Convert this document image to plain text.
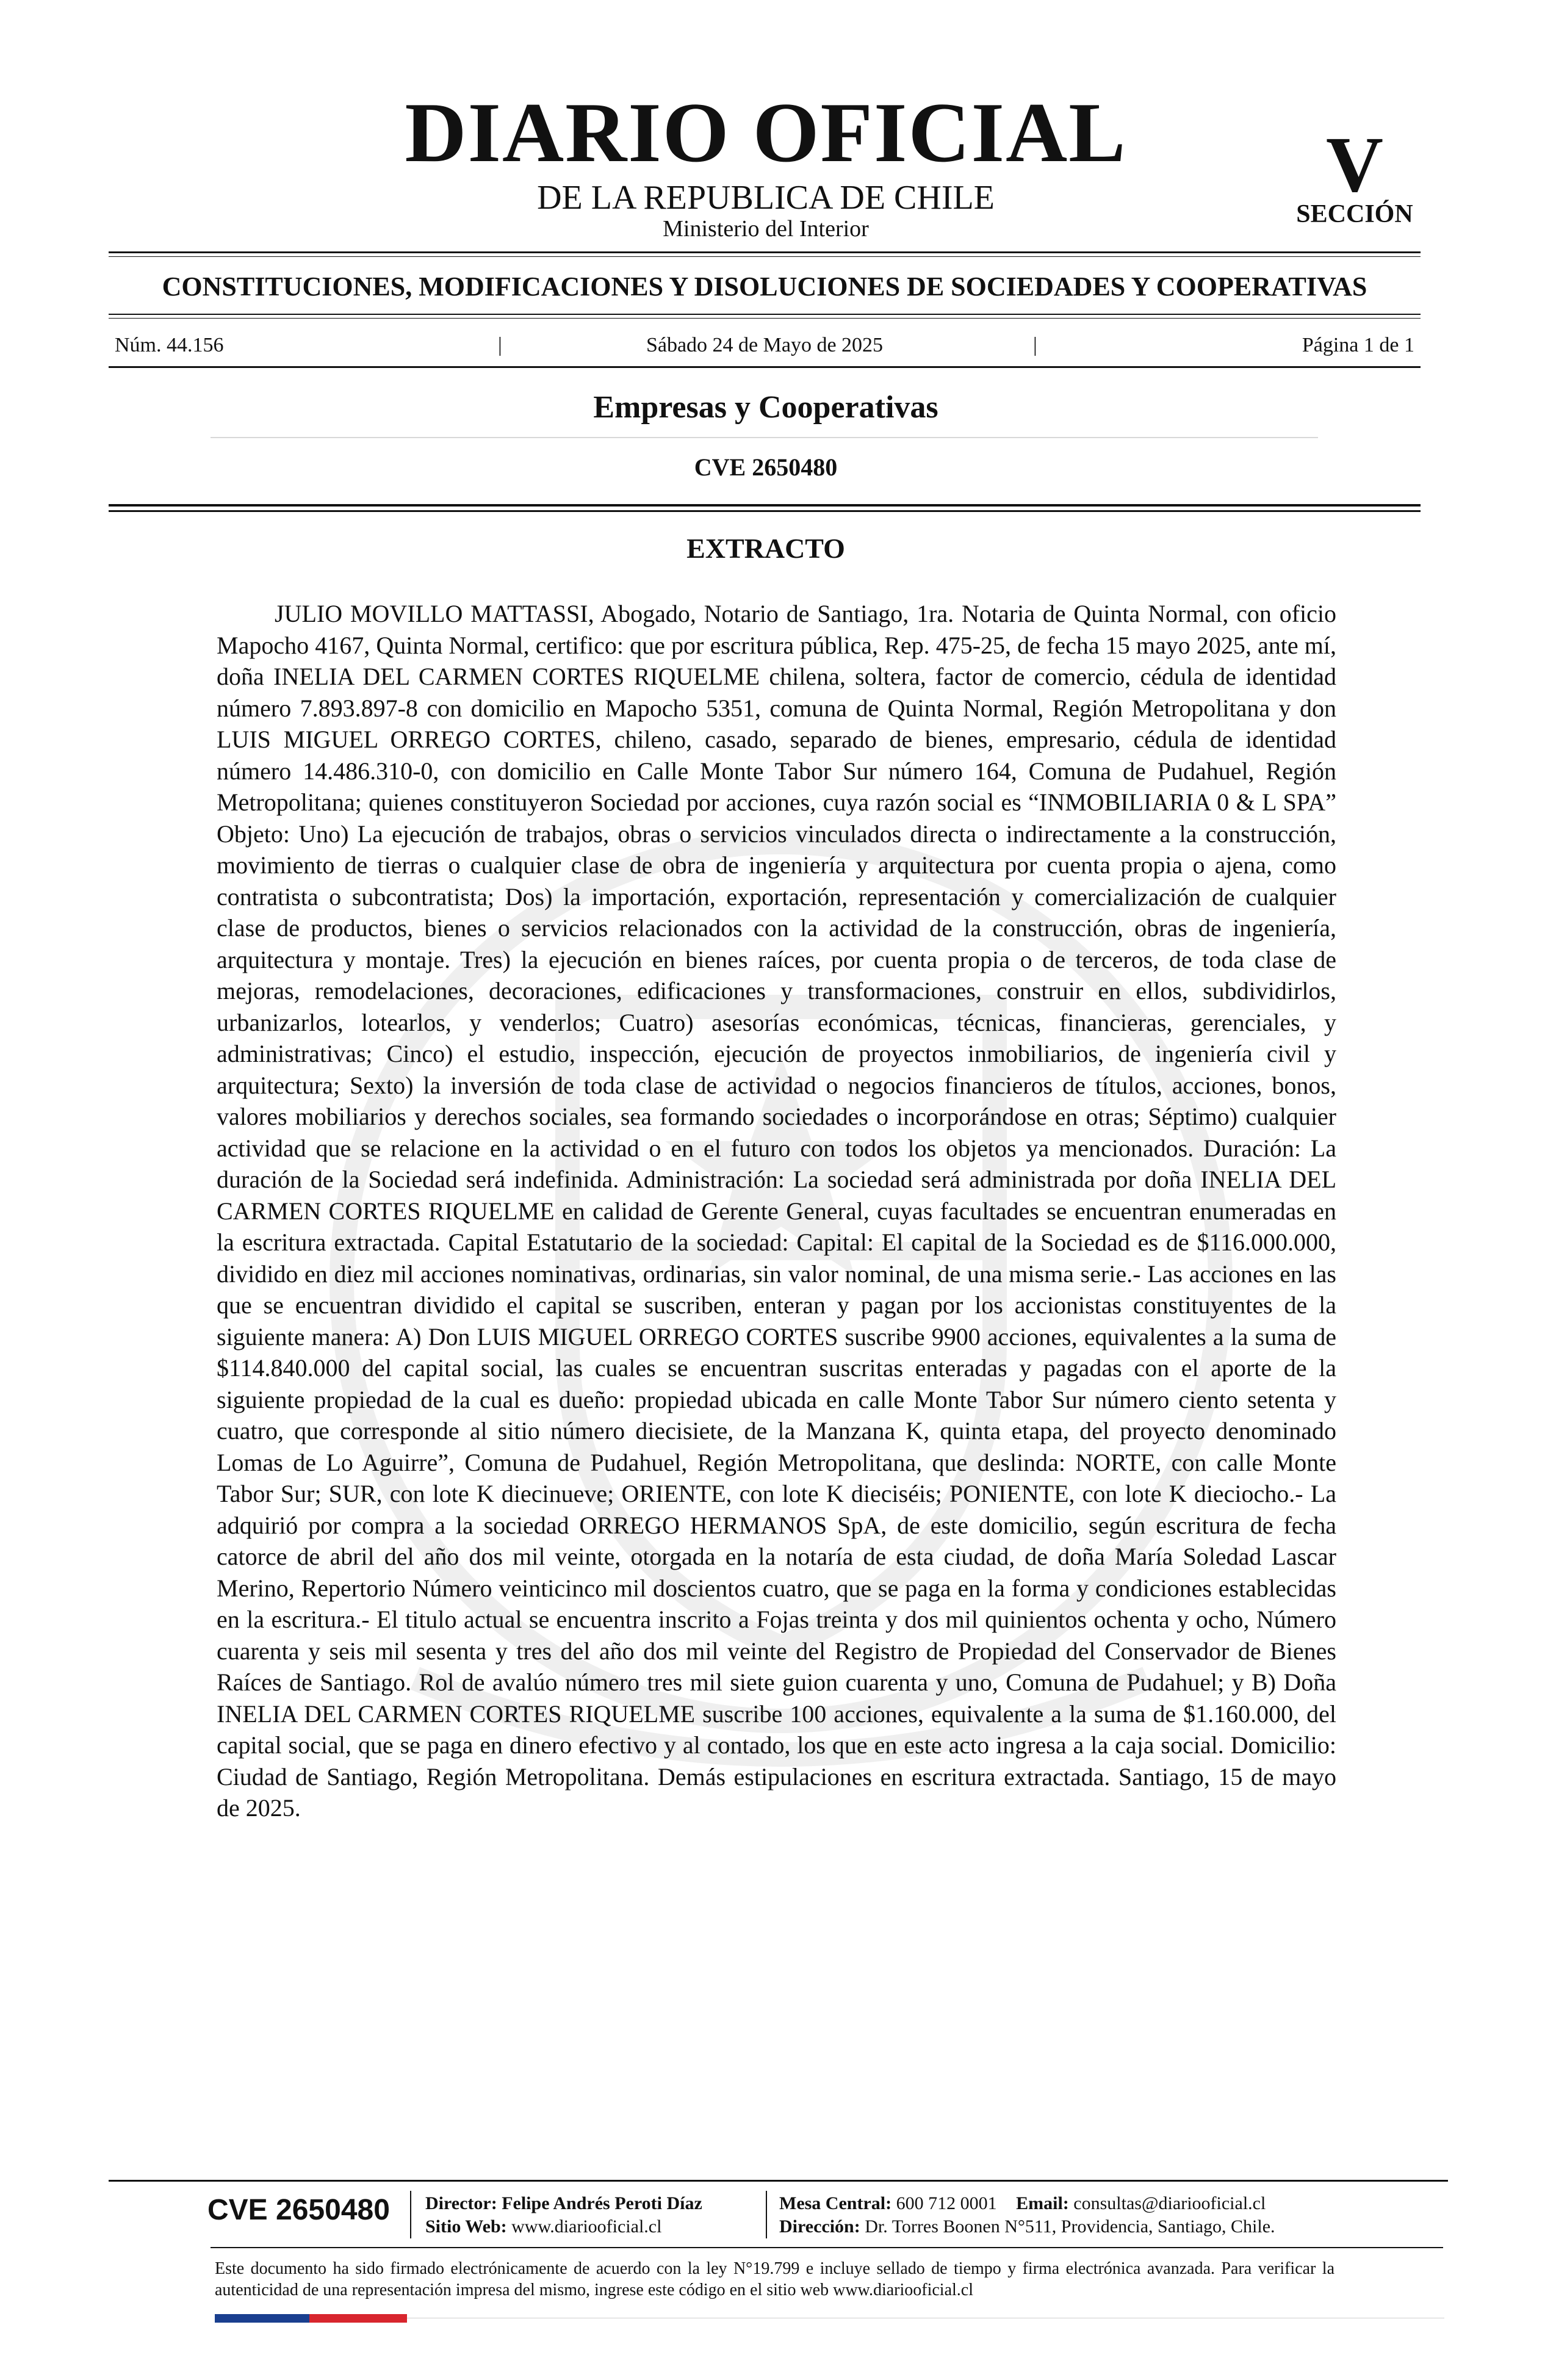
DIARIO OFICIAL
DE LA REPUBLICA DE CHILE
Ministerio del Interior
V
SECCIÓN
CONSTITUCIONES, MODIFICACIONES Y DISOLUCIONES DE SOCIEDADES Y COOPERATIVAS
Núm. 44.156	|	Sábado 24 de Mayo de 2025	|	Página 1 de 1
Empresas y Cooperativas
CVE 2650480
EXTRACTO

JULIO MOVILLO MATTASSI, Abogado, Notario de Santiago, 1ra. Notaria de Quinta Normal, con oficio Mapocho 4167, Quinta Normal, certifico: que por escritura pública, Rep. 475-25, de fecha 15 mayo 2025, ante mí, doña INELIA DEL CARMEN CORTES RIQUELME chilena, soltera, factor de comercio, cédula de identidad número 7.893.897-8 con domicilio en Mapocho 5351, comuna de Quinta Normal, Región Metropolitana y don LUIS MIGUEL ORREGO CORTES, chileno, casado, separado de bienes, empresario, cédula de identidad número 14.486.310-0, con domicilio en Calle Monte Tabor Sur número 164, Comuna de Pudahuel, Región Metropolitana; quienes constituyeron Sociedad por acciones, cuya razón social es “INMOBILIARIA 0 & L SPA” Objeto: Uno) La ejecución de trabajos, obras o servicios vinculados directa o indirectamente a la construcción, movimiento de tierras o cualquier clase de obra de ingeniería y arquitectura por cuenta propia o ajena, como contratista o subcontratista; Dos) la importación, exportación, representación y comercialización de cualquier clase de productos, bienes o servicios relacionados con la actividad de la construcción, obras de ingeniería, arquitectura y montaje. Tres) la ejecución en bienes raíces, por cuenta propia o de terceros, de toda clase de mejoras, remodelaciones, decoraciones, edificaciones y transformaciones, construir en ellos, subdividirlos, urbanizarlos, lotearlos, y venderlos; Cuatro) asesorías económicas, técnicas, financieras, gerenciales, y administrativas; Cinco) el estudio, inspección, ejecución de proyectos inmobiliarios, de ingeniería civil y arquitectura; Sexto) la inversión de toda clase de actividad o negocios financieros de títulos, acciones, bonos, valores mobiliarios y derechos sociales, sea formando sociedades o incorporándose en otras; Séptimo) cualquier actividad que se relacione en la actividad o en el futuro con todos los objetos ya mencionados. Duración: La duración de la Sociedad será indefinida. Administración: La sociedad será administrada por doña INELIA DEL CARMEN CORTES RIQUELME en calidad de Gerente General, cuyas facultades se encuentran enumeradas en la escritura extractada. Capital Estatutario de la sociedad: Capital: El capital de la Sociedad es de $116.000.000, dividido en diez mil acciones nominativas, ordinarias, sin valor nominal, de una misma serie.- Las acciones en las que se encuentran dividido el capital se suscriben, enteran y pagan por los accionistas constituyentes de la siguiente manera: A) Don LUIS MIGUEL ORREGO CORTES suscribe 9900 acciones, equivalentes a la suma de $114.840.000 del capital social, las cuales se encuentran suscritas enteradas y pagadas con el aporte de la siguiente propiedad de la cual es dueño: propiedad ubicada en calle Monte Tabor Sur número ciento setenta y cuatro, que corresponde al sitio número diecisiete, de la Manzana K, quinta etapa, del proyecto denominado Lomas de Lo Aguirre”, Comuna de Pudahuel, Región Metropolitana, que deslinda: NORTE, con calle Monte Tabor Sur; SUR, con lote K diecinueve; ORIENTE, con lote K dieciséis; PONIENTE, con lote K dieciocho.- La adquirió por compra a la sociedad ORREGO HERMANOS SpA, de este domicilio, según escritura de fecha catorce de abril del año dos mil veinte, otorgada en la notaría de esta ciudad, de doña María Soledad Lascar Merino, Repertorio Número veinticinco mil doscientos cuatro, que se paga en la forma y condiciones establecidas en la escritura.- El titulo actual se encuentra inscrito a Fojas treinta y dos mil quinientos ochenta y ocho, Número cuarenta y seis mil sesenta y tres del año dos mil veinte del Registro de Propiedad del Conservador de Bienes Raíces de Santiago. Rol de avalúo número tres mil siete guion cuarenta y uno, Comuna de Pudahuel; y B) Doña INELIA DEL CARMEN CORTES RIQUELME suscribe 100 acciones, equivalente a la suma de $1.160.000, del capital social, que se paga en dinero efectivo y al contado, los que en este acto ingresa a la caja social. Domicilio: Ciudad de Santiago, Región Metropolitana. Demás estipulaciones en escritura extractada. Santiago, 15 de mayo de 2025.

CVE 2650480 Director: Felipe Andrés Peroti Díaz
Sitio Web: www.diariooficial.cl
Mesa Central: 600 712 0001 Email: consultas@diariooficial.cl
Dirección: Dr. Torres Boonen N°511, Providencia, Santiago, Chile.

Este documento ha sido firmado electrónicamente de acuerdo con la ley N°19.799 e incluye sellado de tiempo y firma electrónica avanzada. Para verificar la autenticidad de una representación impresa del mismo, ingrese este código en el sitio web www.diariooficial.cl
